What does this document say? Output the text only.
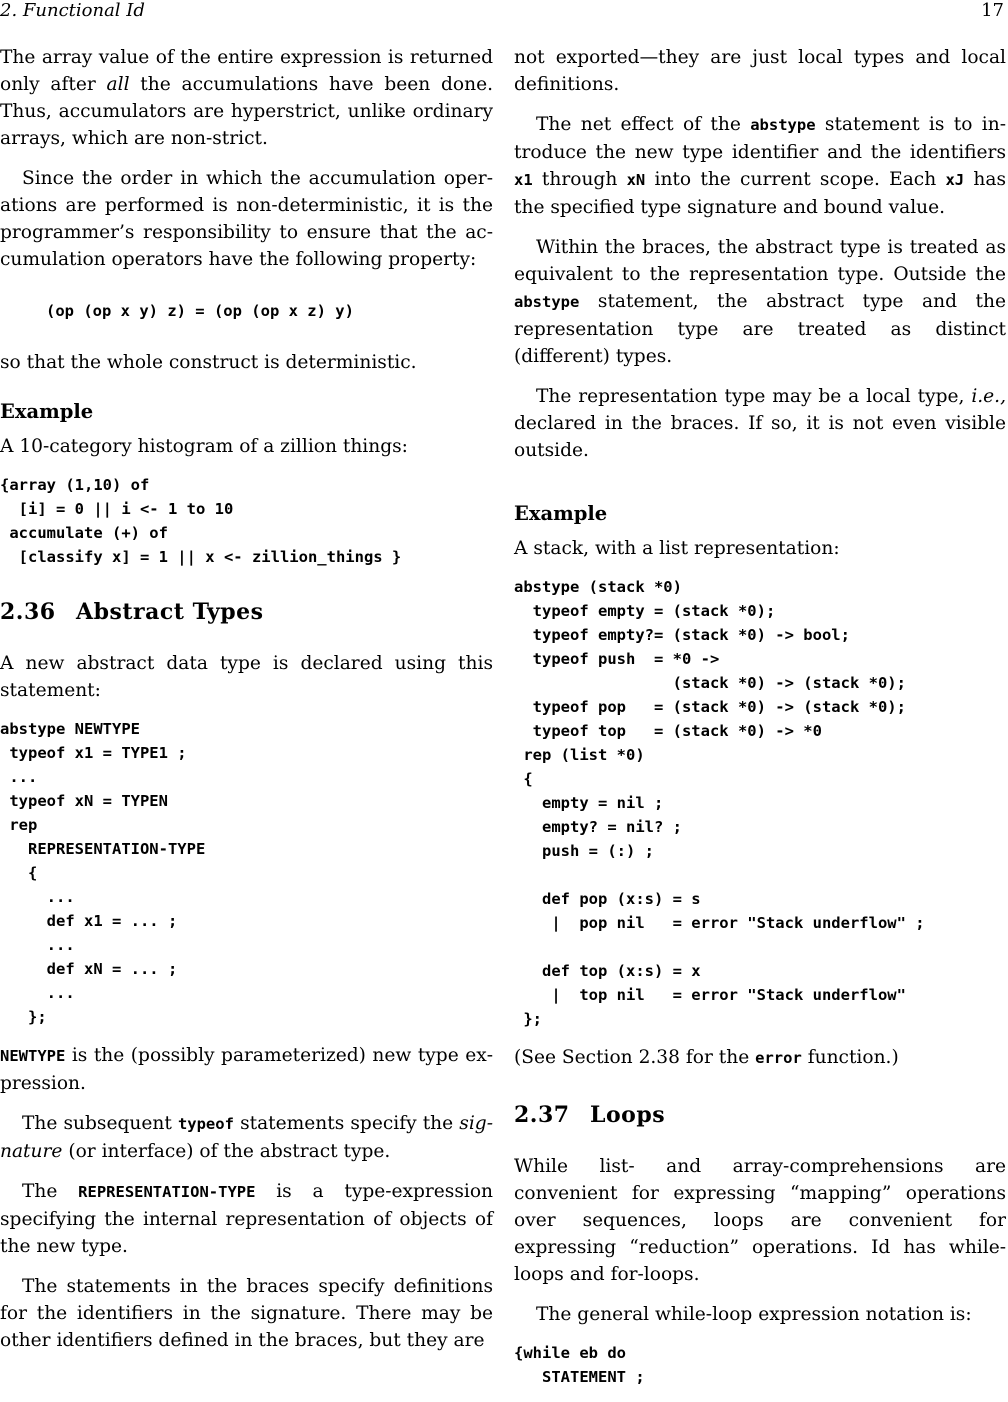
2. Functional Id	17

The array value of the entire expression is returned only after all the accumulations have been done. Thus, accumulators are hyperstrict, unlike ordinary arrays, which are non-strict.

Since the order in which the accumulation operations are performed is non-deterministic, it is the programmer’s responsibility to ensure that the accumulation operators have the following property:

(op (op x y) z) = (op (op x z) y)

so that the whole construct is deterministic.

Example

A 10-category histogram of a zillion things:

{array (1,10) of
[i] = 0 || i <- 1 to 10
accumulate (+) of
[classify x] = 1 || x <- zillion_things }
2.36 Abstract Types

A new abstract data type is declared using this statement:

abstype NEWTYPE
typeof x1 = TYPE1 ;
...
typeof xN = TYPEN
rep
REPRESENTATION-TYPE
{
...
def x1 = ... ;
...
def xN = ... ;
...
};

NEWTYPE is the (possibly parameterized) new type expression.

The subsequent typeof statements specify the signature (or interface) of the abstract type.

The REPRESENTATION-TYPE is a type-expression specifying the internal representation of objects of the new type.

The statements in the braces specify definitions for the identifiers in the signature. There may be other identifiers defined in the braces, but they are

not exported—they are just local types and local definitions.

The net effect of the abstype statement is to introduce the new type identifier and the identifiers x1 through xN into the current scope. Each xJ has the specified type signature and bound value.

Within the braces, the abstract type is treated as equivalent to the representation type. Outside the abstype statement, the abstract type and the representation type are treated as distinct (different) types.

The representation type may be a local type, i.e., declared in the braces. If so, it is not even visible outside.

Example

A stack, with a list representation:

abstype (stack *0)
typeof empty = (stack *0);
typeof empty?= (stack *0) -> bool;
typeof push  = *0 ->
(stack *0) -> (stack *0);
typeof pop   = (stack *0) -> (stack *0);
typeof top   = (stack *0) -> *0
rep (list *0)
{
empty = nil ;
empty? = nil? ;
push = (:) ;

def pop (x:s) = s
|  pop nil   = error "Stack underflow" ;

def top (x:s) = x
|  top nil   = error "Stack underflow"
};

(See Section 2.38 for the error function.)

2.37 Loops

While list- and array-comprehensions are convenient for expressing “mapping” operations over sequences, loops are convenient for expressing “reduction” operations. Id has while-loops and for-loops.

The general while-loop expression notation is:

{while eb do
STATEMENT ;
